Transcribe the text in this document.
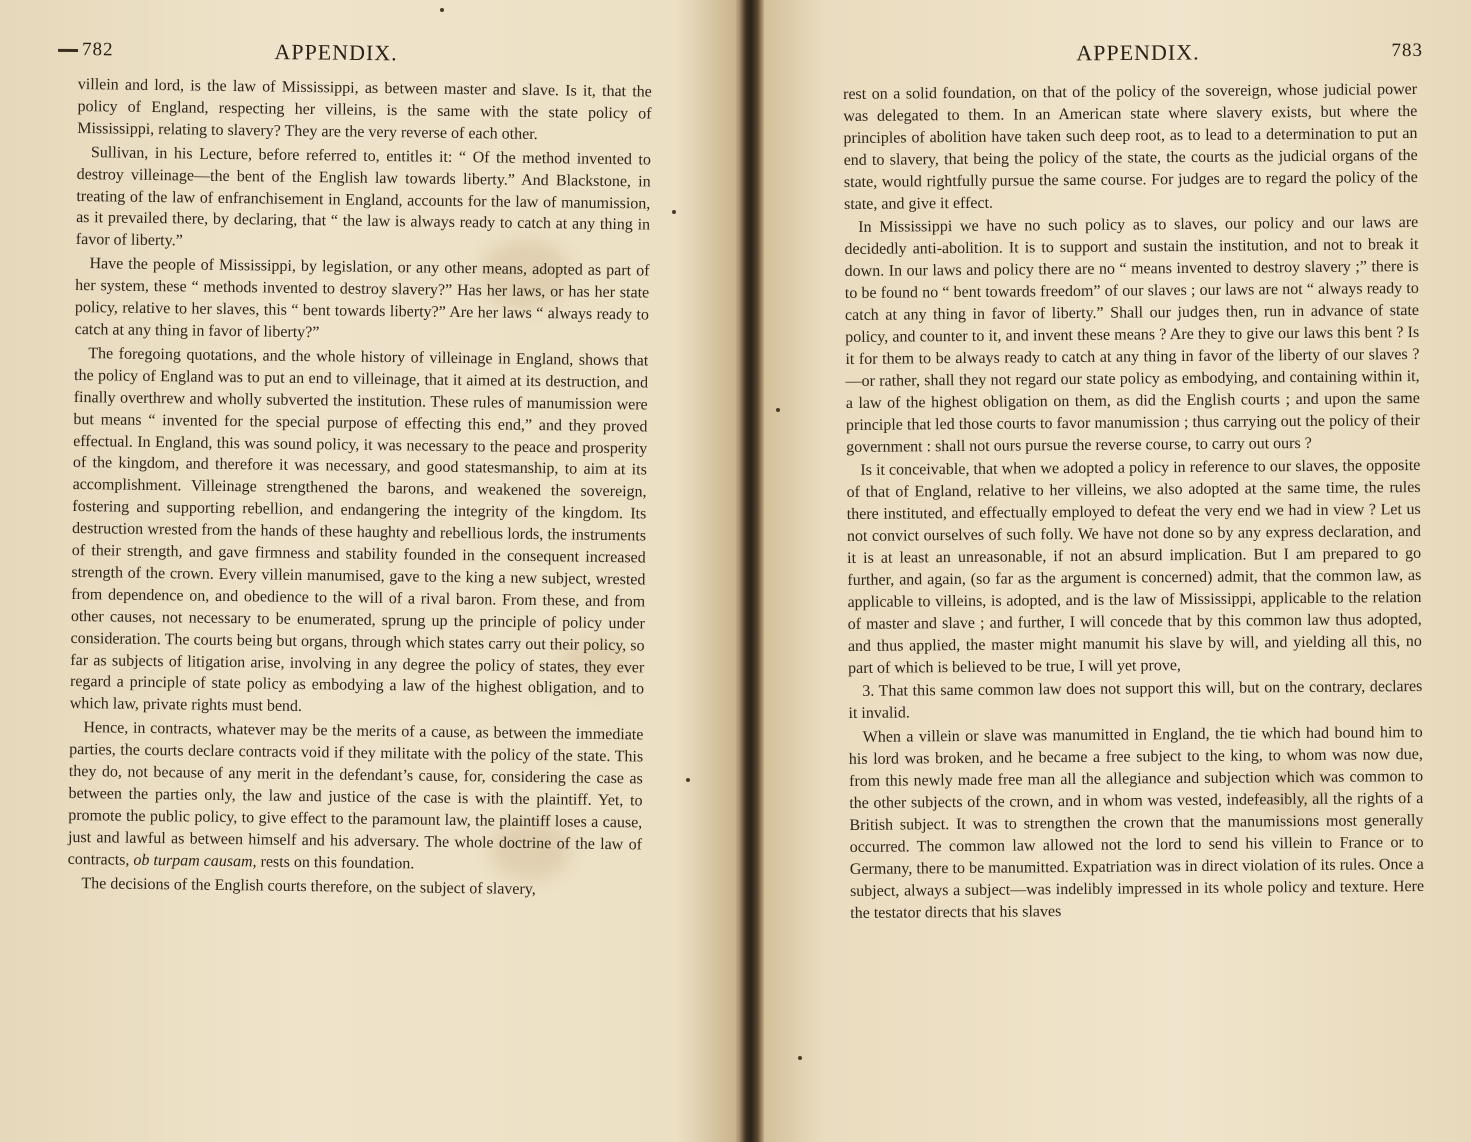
782	APPENDIX.

villein and lord, is the law of Mississippi, as between master and slave. Is it, that the policy of England, respecting her villeins, is the same with the state policy of Mississippi, relating to slavery? They are the very reverse of each other.

Sullivan, in his Lecture, before referred to, entitles it: “ Of the method invented to destroy villeinage—the bent of the English law towards liberty.” And Blackstone, in treating of the law of enfranchisement in England, accounts for the law of manumission, as it prevailed there, by declaring, that “ the law is always ready to catch at any thing in favor of liberty.”

Have the people of Mississippi, by legislation, or any other means, adopted as part of her system, these “ methods invented to destroy slavery?” Has her laws, or has her state policy, relative to her slaves, this “ bent towards liberty?” Are her laws “ always ready to catch at any thing in favor of liberty?”

The foregoing quotations, and the whole history of villeinage in England, shows that the policy of England was to put an end to villeinage, that it aimed at its destruction, and finally overthrew and wholly subverted the institution. These rules of manumission were but means “ invented for the special purpose of effecting this end,” and they proved effectual. In England, this was sound policy, it was necessary to the peace and prosperity of the kingdom, and therefore it was necessary, and good statesmanship, to aim at its accomplishment. Villeinage strengthened the barons, and weakened the sovereign, fostering and supporting rebellion, and endangering the integrity of the kingdom. Its destruction wrested from the hands of these haughty and rebellious lords, the instruments of their strength, and gave firmness and stability founded in the consequent increased strength of the crown. Every villein manumised, gave to the king a new subject, wrested from dependence on, and obedience to the will of a rival baron. From these, and from other causes, not necessary to be enumerated, sprung up the principle of policy under consideration. The courts being but organs, through which states carry out their policy, so far as subjects of litigation arise, involving in any degree the policy of states, they ever regard a principle of state policy as embodying a law of the highest obligation, and to which law, private rights must bend.

Hence, in contracts, whatever may be the merits of a cause, as between the immediate parties, the courts declare contracts void if they militate with the policy of the state. This they do, not because of any merit in the defendant’s cause, for, considering the case as between the parties only, the law and justice of the case is with the plaintiff. Yet, to promote the public policy, to give effect to the paramount law, the plaintiff loses a cause, just and lawful as between himself and his adversary. The whole doctrine of the law of contracts, ob turpam causam, rests on this foundation.

The decisions of the English courts therefore, on the subject of slavery,

APPENDIX.	783

rest on a solid foundation, on that of the policy of the sovereign, whose judicial power was delegated to them. In an American state where slavery exists, but where the principles of abolition have taken such deep root, as to lead to a determination to put an end to slavery, that being the policy of the state, the courts as the judicial organs of the state, would rightfully pursue the same course. For judges are to regard the policy of the state, and give it effect.

In Mississippi we have no such policy as to slaves, our policy and our laws are decidedly anti-abolition. It is to support and sustain the institution, and not to break it down. In our laws and policy there are no “ means invented to destroy slavery ;” there is to be found no “ bent towards freedom” of our slaves ; our laws are not “ always ready to catch at any thing in favor of liberty.” Shall our judges then, run in advance of state policy, and counter to it, and invent these means ? Are they to give our laws this bent ? Is it for them to be always ready to catch at any thing in favor of the liberty of our slaves ?—or rather, shall they not regard our state policy as embodying, and containing within it, a law of the highest obligation on them, as did the English courts ; and upon the same principle that led those courts to favor manumission ; thus carrying out the policy of their government : shall not ours pursue the reverse course, to carry out ours ?

Is it conceivable, that when we adopted a policy in reference to our slaves, the opposite of that of England, relative to her villeins, we also adopted at the same time, the rules there instituted, and effectually employed to defeat the very end we had in view ? Let us not convict ourselves of such folly. We have not done so by any express declaration, and it is at least an unreasonable, if not an absurd implication. But I am prepared to go further, and again, (so far as the argument is concerned) admit, that the common law, as applicable to villeins, is adopted, and is the law of Mississippi, applicable to the relation of master and slave ; and further, I will concede that by this common law thus adopted, and thus applied, the master might manumit his slave by will, and yielding all this, no part of which is believed to be true, I will yet prove,

3. That this same common law does not support this will, but on the contrary, declares it invalid.

When a villein or slave was manumitted in England, the tie which had bound him to his lord was broken, and he became a free subject to the king, to whom was now due, from this newly made free man all the allegiance and subjection which was common to the other subjects of the crown, and in whom was vested, indefeasibly, all the rights of a British subject. It was to strengthen the crown that the manumissions most generally occurred. The common law allowed not the lord to send his villein to France or to Germany, there to be manumitted. Expatriation was in direct violation of its rules. Once a subject, always a subject—was indelibly impressed in its whole policy and texture. Here the testator directs that his slaves
